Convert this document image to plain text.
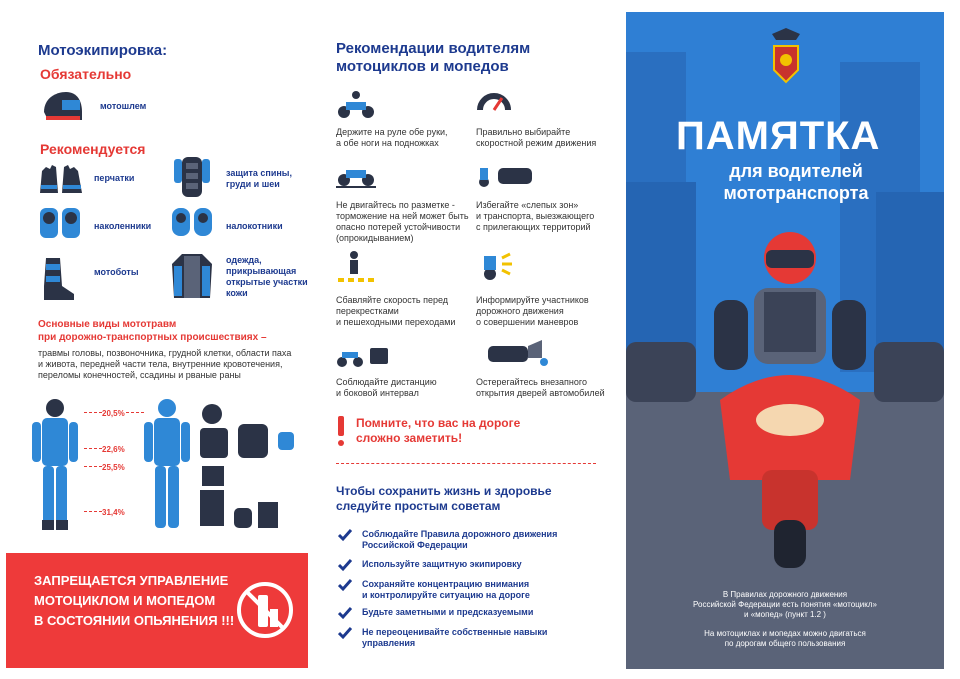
Мотоэкипировка:
Обязательно
мотошлем
Рекомендуется
перчатки	защита спины,
груди и шеи
наколенники	налокотники
мотоботы
одежда,
прикрывающая
открытые участки
кожи
Основные виды мототравм
при дорожно-транспортных происшествиях –
травмы головы, позвоночника, грудной клетки, области паха
и живота, передней части тела, внутренние кровотечения,
переломы конечностей, ссадины и рваные раны
20,5%
22,6%
25,5%
31,4%
ЗАПРЕЩАЕТСЯ УПРАВЛЕНИЕ
МОТОЦИКЛОМ И МОПЕДОМ
В СОСТОЯНИИ ОПЬЯНЕНИЯ !!!
Рекомендации водителям
мотоциклов и мопедов
Держите на руле обе руки,
а обе ноги на подножках
Правильно выбирайте
скоростной режим движения
Не двигайтесь по разметке -
торможение на ней может быть
опасно потерей устойчивости
(опрокидыванием)
Избегайте «слепых зон»
и транспорта, выезжающего
с прилегающих территорий
Сбавляйте скорость перед
перекрестками
и пешеходными переходами
Информируйте участников
дорожного движения
о совершении маневров
Соблюдайте дистанцию
и боковой интервал
Остерегайтесь внезапного
открытия дверей автомобилей
Помните, что вас на дороге
сложно заметить!
Чтобы сохранить жизнь и здоровье
следуйте простым советам
Соблюдайте Правила дорожного движения
Российской Федерации
Используйте защитную экипировку
Сохраняйте концентрацию внимания
и контролируйте ситуацию на дороге
Будьте заметными и предсказуемыми
Не переоценивайте собственные навыки
управления
ПАМЯТКА
для водителей
мототранспорта
В Правилах дорожного движения
Российской Федерации есть понятия «мотоцикл»
и «мопед» (пункт 1.2 )
На мотоциклах и мопедах можно двигаться
по дорогам общего пользования
